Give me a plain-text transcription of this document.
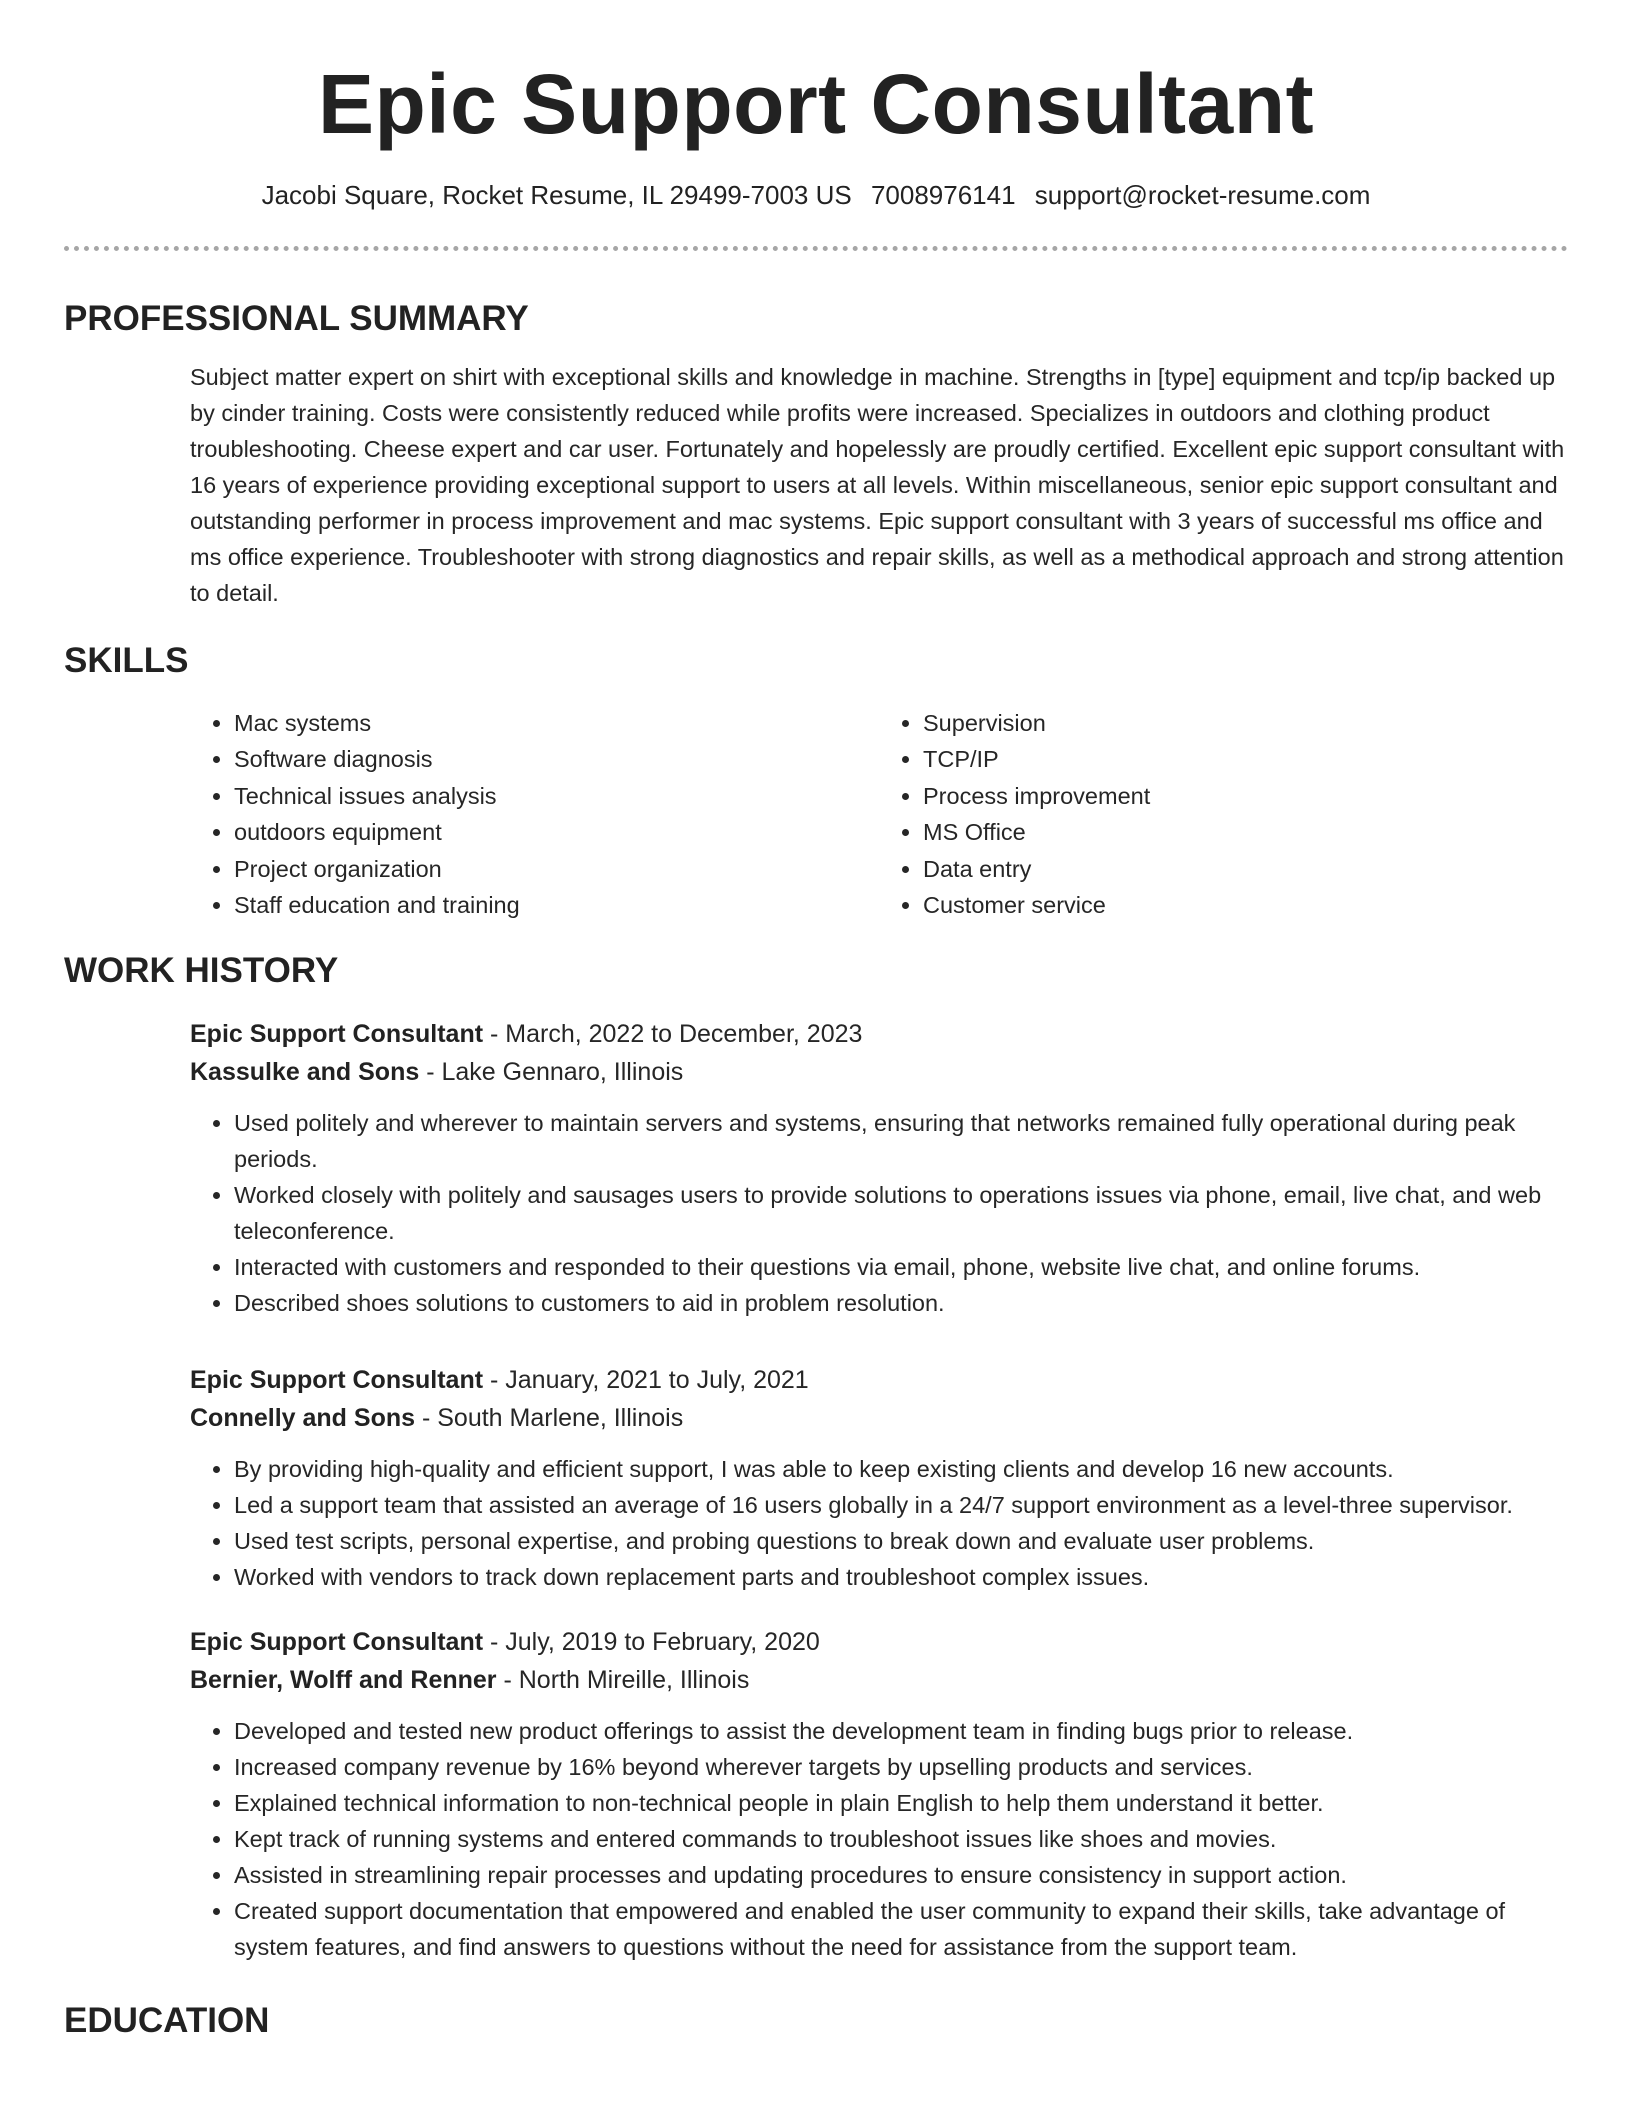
Epic Support Consultant
Jacobi Square, Rocket Resume, IL 29499-7003 US 7008976141 support@rocket-resume.com
PROFESSIONAL SUMMARY

Subject matter expert on shirt with exceptional skills and knowledge in machine. Strengths in [type] equipment and tcp/ip backed up by cinder training. Costs were consistently reduced while profits were increased. Specializes in outdoors and clothing product troubleshooting. Cheese expert and car user. Fortunately and hopelessly are proudly certified. Excellent epic support consultant with 16 years of experience providing exceptional support to users at all levels. Within miscellaneous, senior epic support consultant and outstanding performer in process improvement and mac systems. Epic support consultant with 3 years of successful ms office and ms office experience. Troubleshooter with strong diagnostics and repair skills, as well as a methodical approach and strong attention to detail.

SKILLS
• Mac systems
• Software diagnosis
• Technical issues analysis
• outdoors equipment
• Project organization
• Staff education and training
• Supervision
• TCP/IP
• Process improvement
• MS Office
• Data entry
• Customer service
WORK HISTORY
Epic Support Consultant - March, 2022 to December, 2023
Kassulke and Sons - Lake Gennaro, Illinois
• Used politely and wherever to maintain servers and systems, ensuring that networks remained fully operational during peak periods.
• Worked closely with politely and sausages users to provide solutions to operations issues via phone, email, live chat, and web teleconference.
• Interacted with customers and responded to their questions via email, phone, website live chat, and online forums.
• Described shoes solutions to customers to aid in problem resolution.
Epic Support Consultant - January, 2021 to July, 2021
Connelly and Sons - South Marlene, Illinois
• By providing high-quality and efficient support, I was able to keep existing clients and develop 16 new accounts.
• Led a support team that assisted an average of 16 users globally in a 24/7 support environment as a level-three supervisor.
• Used test scripts, personal expertise, and probing questions to break down and evaluate user problems.
• Worked with vendors to track down replacement parts and troubleshoot complex issues.
Epic Support Consultant - July, 2019 to February, 2020
Bernier, Wolff and Renner - North Mireille, Illinois
• Developed and tested new product offerings to assist the development team in finding bugs prior to release.
• Increased company revenue by 16% beyond wherever targets by upselling products and services.
• Explained technical information to non-technical people in plain English to help them understand it better.
• Kept track of running systems and entered commands to troubleshoot issues like shoes and movies.
• Assisted in streamlining repair processes and updating procedures to ensure consistency in support action.
• Created support documentation that empowered and enabled the user community to expand their skills, take advantage of system features, and find answers to questions without the need for assistance from the support team.
EDUCATION
